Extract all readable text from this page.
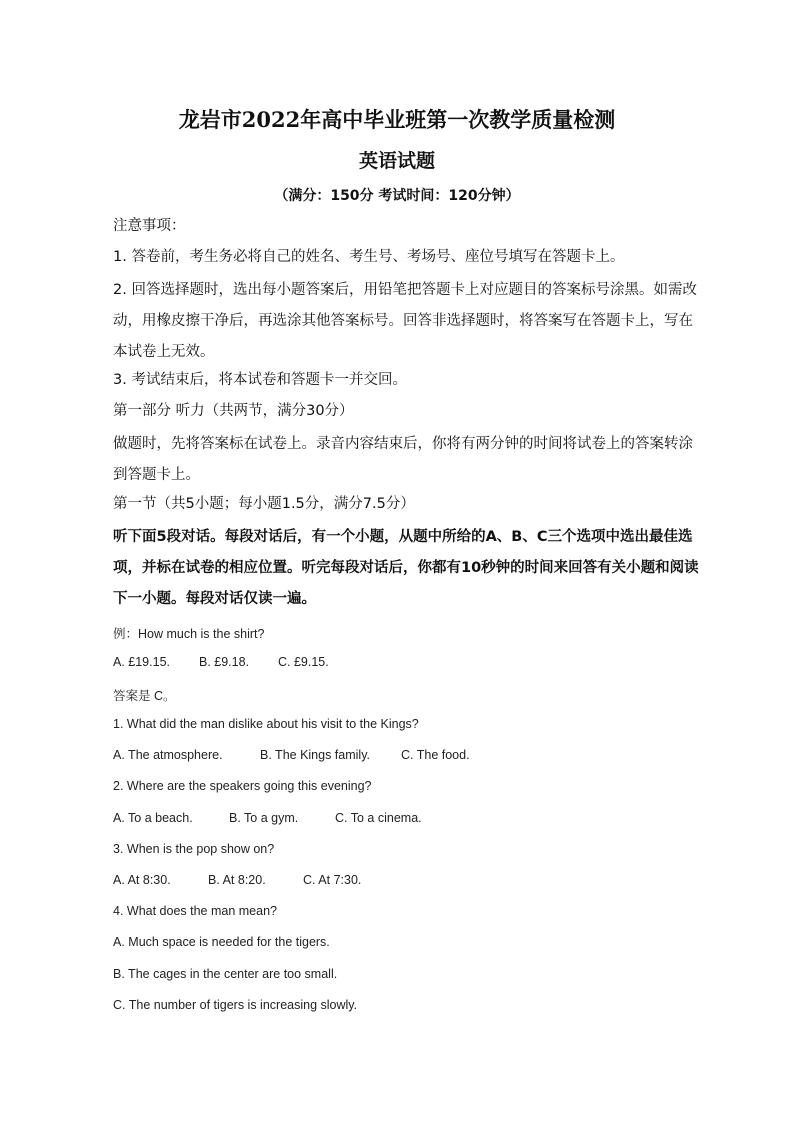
龙岩市2022年高中毕业班第一次教学质量检测
英语试题
（满分：150分 考试时间：120分钟）
注意事项：
1. 答卷前，考生务必将自己的姓名、考生号、考场号、座位号填写在答题卡上。
2. 回答选择题时，选出每小题答案后，用铅笔把答题卡上对应题目的答案标号涂黑。如需改动，用橡皮擦干净后，再选涂其他答案标号。回答非选择题时，将答案写在答题卡上，写在本试卷上无效。
3. 考试结束后，将本试卷和答题卡一并交回。
第一部分 听力（共两节，满分30分）
做题时，先将答案标在试卷上。录音内容结束后，你将有两分钟的时间将试卷上的答案转涂到答题卡上。
第一节（共5小题；每小题1.5分，满分7.5分）
听下面5段对话。每段对话后，有一个小题，从题中所给的A、B、C三个选项中选出最佳选项，并标在试卷的相应位置。听完每段对话后，你都有10秒钟的时间来回答有关小题和阅读下一小题。每段对话仅读一遍。
例：How much is the shirt?
A. £19.15. B. £9.18. C. £9.15.
答案是 C。
1. What did the man dislike about his visit to the Kings?
A. The atmosphere.	B. The Kings family. C. The food.
2. Where are the speakers going this evening?
A. To a beach.	B. To a gym.	C. To a cinema.
3. When is the pop show on?
A. At 8:30.	B. At 8:20.	C. At 7:30.
4. What does the man mean?
A. Much space is needed for the tigers.
B. The cages in the center are too small.
C. The number of tigers is increasing slowly.
